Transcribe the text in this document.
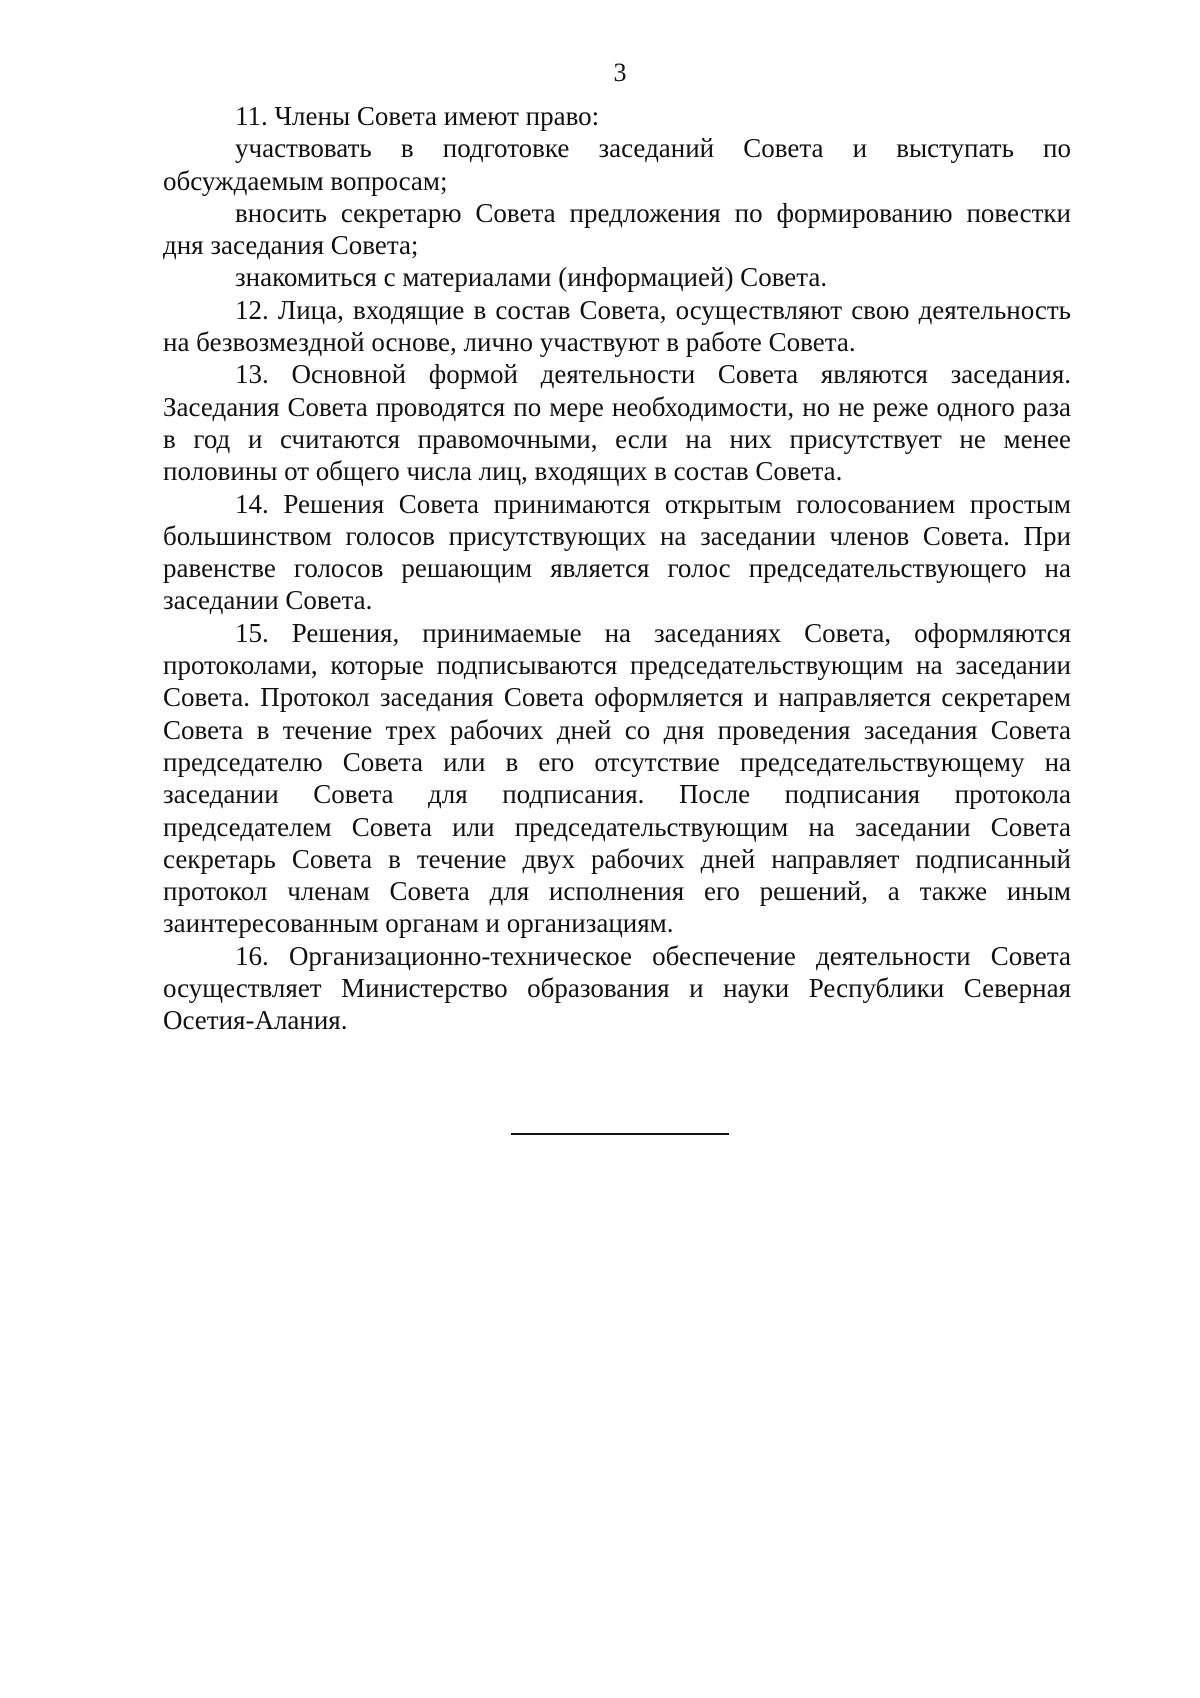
3

11. Члены Совета имеют право:

участвовать в подготовке заседаний Совета и выступать по обсуждаемым вопросам;

вносить секретарю Совета предложения по формированию повестки дня заседания Совета;

знакомиться с материалами (информацией) Совета.

12. Лица, входящие в состав Совета, осуществляют свою деятельность на безвозмездной основе, лично участвуют в работе Совета.

13. Основной формой деятельности Совета являются заседания. Заседания Совета проводятся по мере необходимости, но не реже одного раза в год и считаются правомочными, если на них присутствует не менее половины от общего числа лиц, входящих в состав Совета.

14. Решения Совета принимаются открытым голосованием простым большинством голосов присутствующих на заседании членов Совета. При равенстве голосов решающим является голос председательствующего на заседании Совета.

15. Решения, принимаемые на заседаниях Совета, оформляются протоколами, которые подписываются председательствующим на заседании Совета. Протокол заседания Совета оформляется и направляется секретарем Совета в течение трех рабочих дней со дня проведения заседания Совета председателю Совета или в его отсутствие председательствующему на заседании Совета для подписания. После подписания протокола председателем Совета или председательствующим на заседании Совета секретарь Совета в течение двух рабочих дней направляет подписанный протокол членам Совета для исполнения его решений, а также иным заинтересованным органам и организациям.

16. Организационно-техническое обеспечение деятельности Совета осуществляет Министерство образования и науки Республики Северная Осетия-Алания.
